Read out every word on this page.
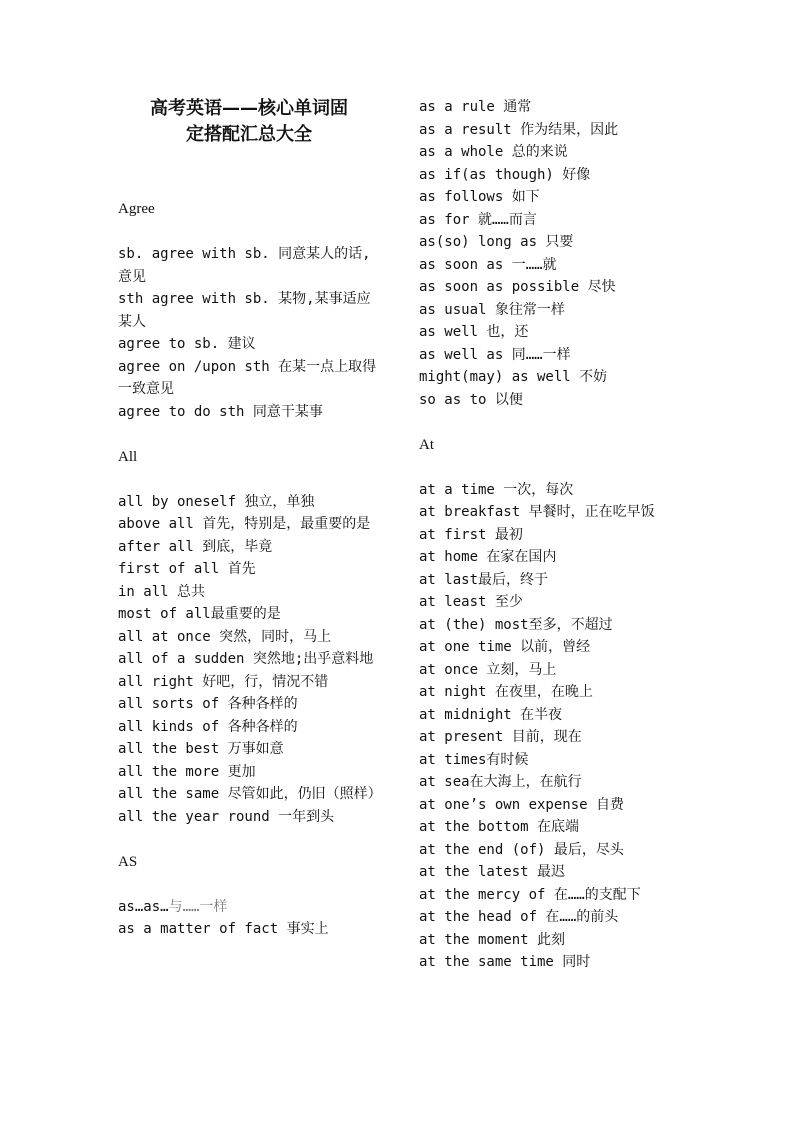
高考英语——核心单词固
定搭配汇总大全
Agree
sb. agree with sb. 同意某人的话,意见
sth agree with sb. 某物,某事适应某人
agree to sb. 建议
agree on /upon sth 在某一点上取得一致意见
agree to do sth 同意干某事
All
all by oneself 独立，单独
above all 首先，特别是，最重要的是
after all 到底，毕竟
first of all 首先
in all 总共
most of all最重要的是
all at once 突然，同时，马上
all of a sudden 突然地;出乎意料地
all right 好吧，行，情况不错
all sorts of 各种各样的
all kinds of 各种各样的
all the best 万事如意
all the more 更加
all the same 尽管如此，仍旧（照样）
all the year round 一年到头
AS
as…as…与……一样
as a matter of fact 事实上
as a rule 通常
as a result 作为结果，因此
as a whole 总的来说
as if(as though) 好像
as follows 如下
as for 就……而言
as(so) long as 只要
as soon as 一……就
as soon as possible 尽快
as usual 象往常一样
as well 也，还
as well as 同……一样
might(may) as well 不妨
so as to 以便
At
at a time 一次，每次
at breakfast 早餐时，正在吃早饭
at first 最初
at home 在家在国内
at last最后，终于
at least 至少
at (the) most至多，不超过
at one time 以前，曾经
at once 立刻，马上
at night 在夜里，在晚上
at midnight 在半夜
at present 目前，现在
at times有时候
at sea在大海上，在航行
at one’s own expense 自费
at the bottom 在底端
at the end (of) 最后，尽头
at the latest 最迟
at the mercy of 在……的支配下
at the head of 在……的前头
at the moment 此刻
at the same time 同时
